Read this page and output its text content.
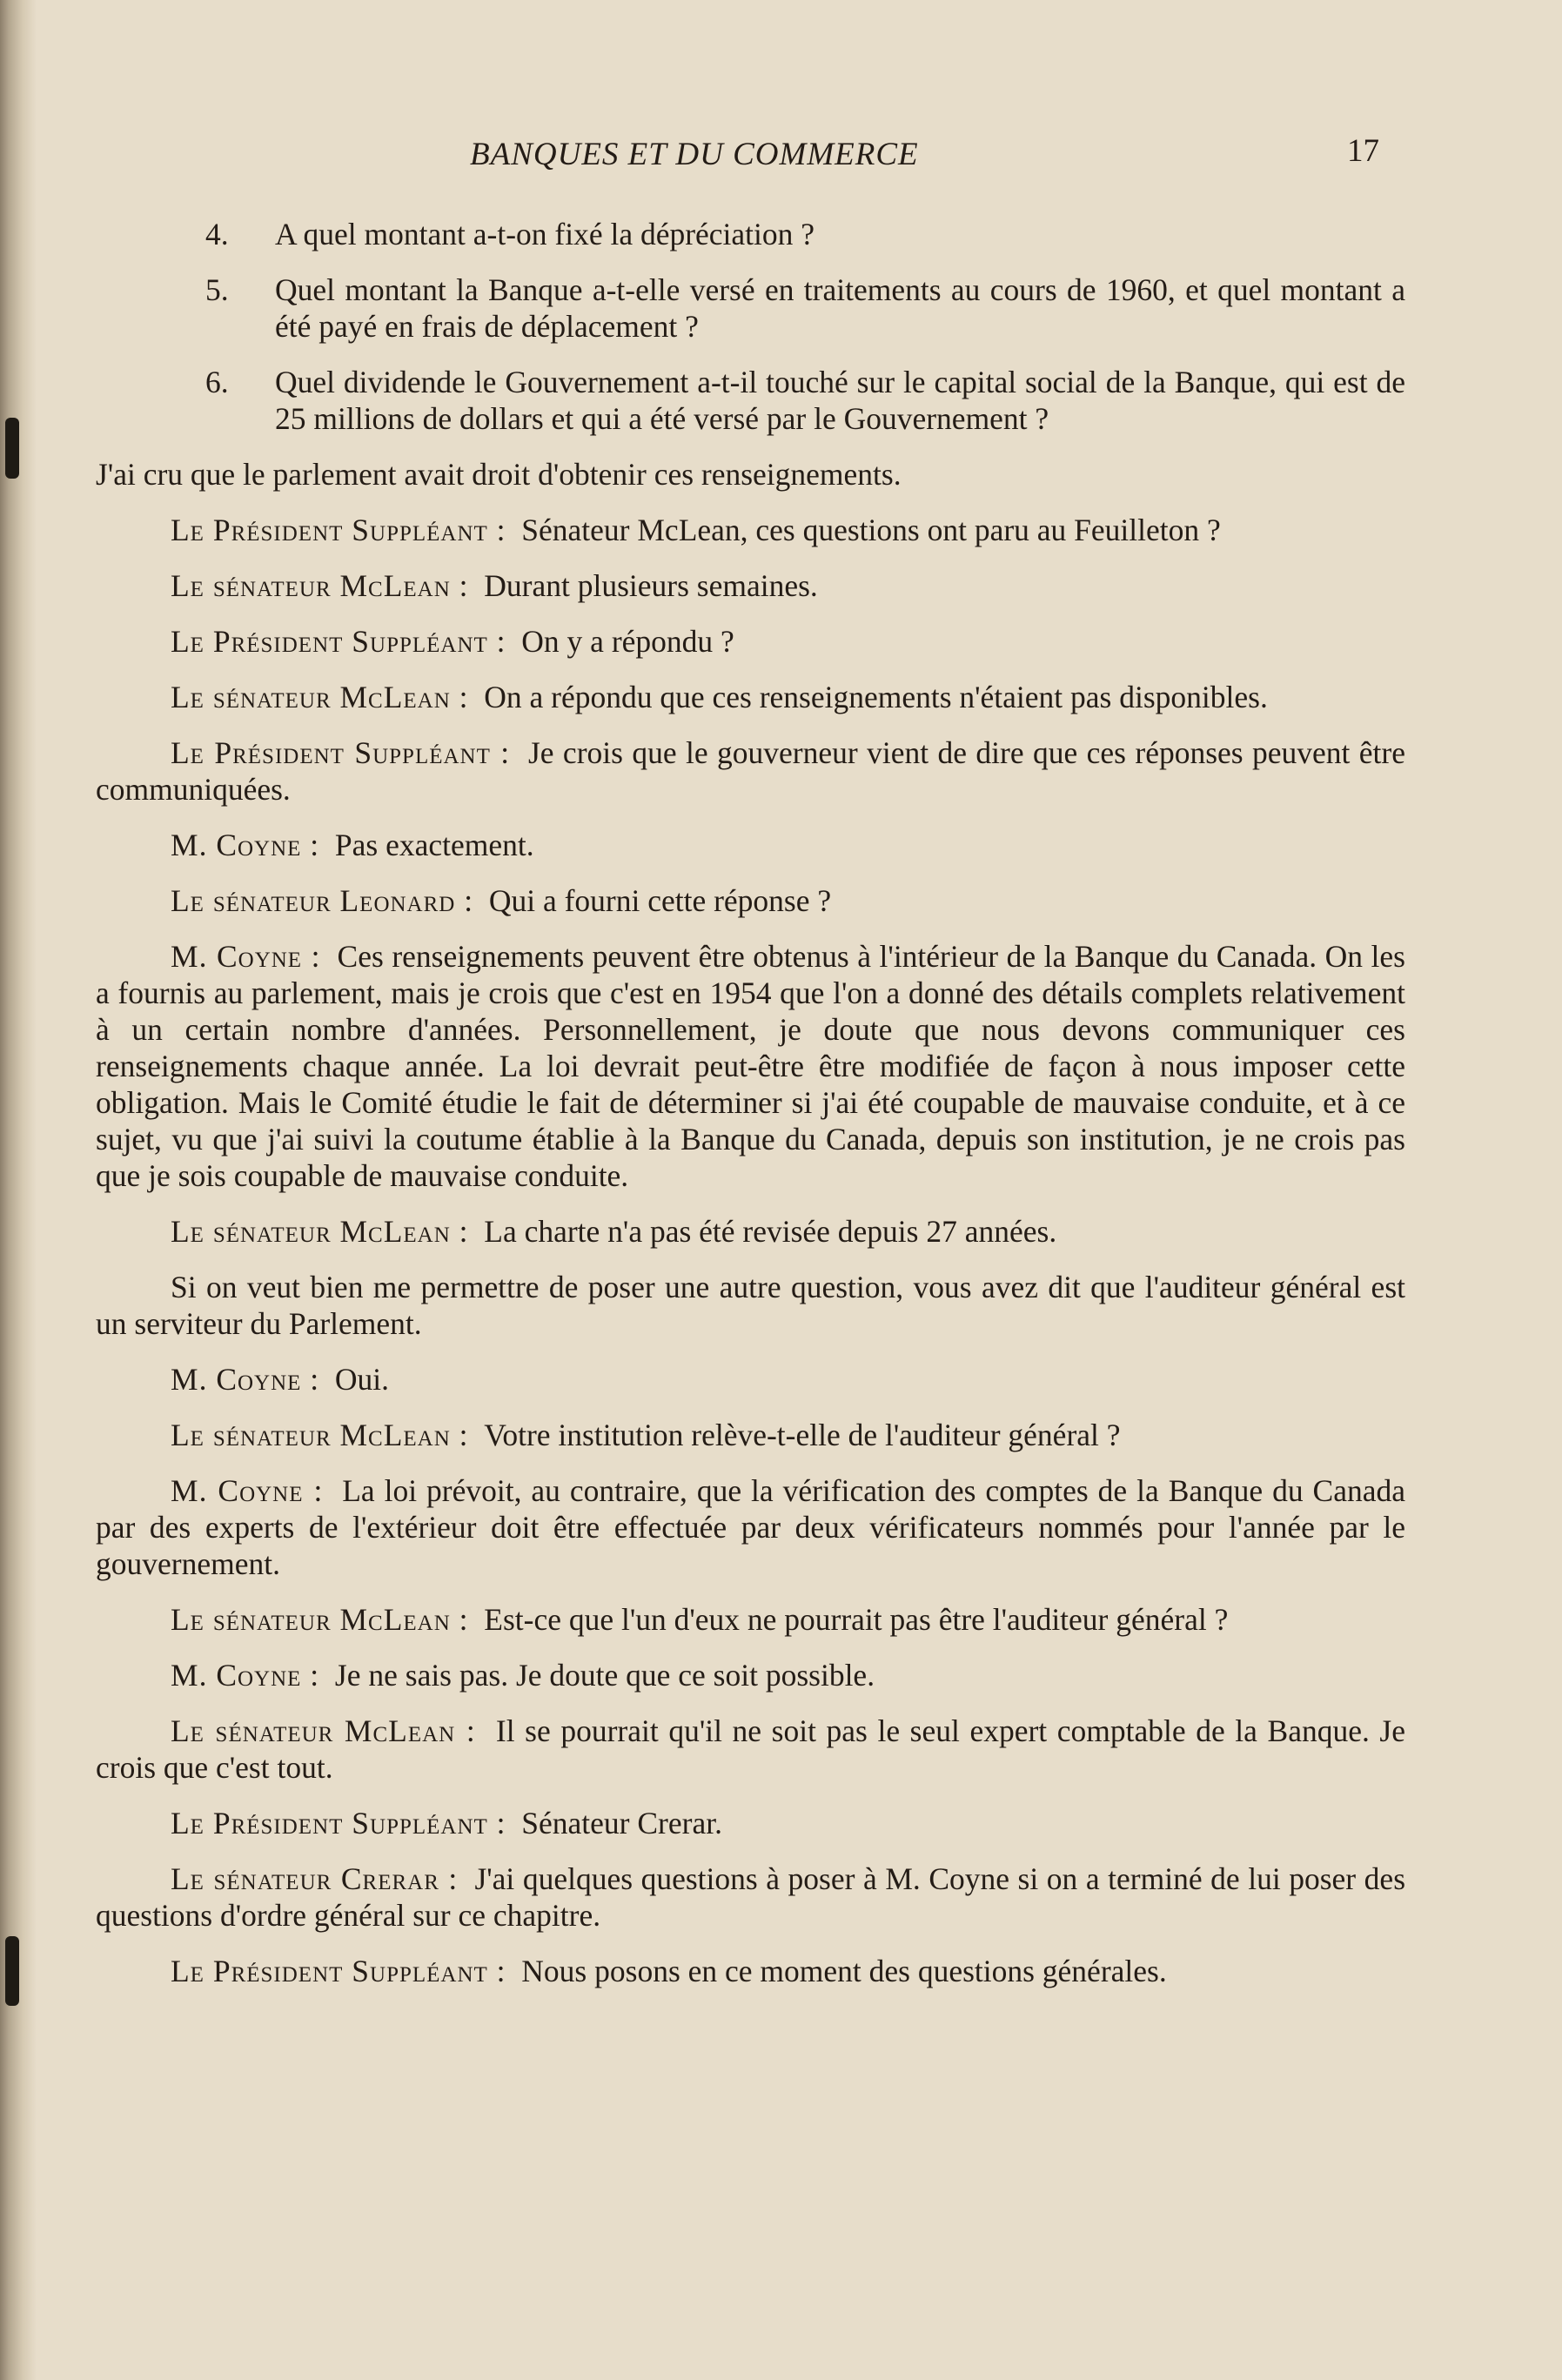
BANQUES ET DU COMMERCE	17
4. A quel montant a-t-on fixé la dépréciation ?
5. Quel montant la Banque a-t-elle versé en traitements au cours de 1960, et quel montant a été payé en frais de déplacement ?
6. Quel dividende le Gouvernement a-t-il touché sur le capital social de la Banque, qui est de 25 millions de dollars et qui a été versé par le Gouvernement ?

J'ai cru que le parlement avait droit d'obtenir ces renseignements.

Le Président Suppléant : Sénateur McLean, ces questions ont paru au Feuilleton ?

Le sénateur McLean : Durant plusieurs semaines.

Le Président Suppléant : On y a répondu ?

Le sénateur McLean : On a répondu que ces renseignements n'étaient pas disponibles.

Le Président Suppléant : Je crois que le gouverneur vient de dire que ces réponses peuvent être communiquées.

M. Coyne : Pas exactement.

Le sénateur Leonard : Qui a fourni cette réponse ?

M. Coyne : Ces renseignements peuvent être obtenus à l'intérieur de la Banque du Canada. On les a fournis au parlement, mais je crois que c'est en 1954 que l'on a donné des détails complets relativement à un certain nombre d'années. Personnellement, je doute que nous devons communiquer ces renseignements chaque année. La loi devrait peut-être être modifiée de façon à nous imposer cette obligation. Mais le Comité étudie le fait de déterminer si j'ai été coupable de mauvaise conduite, et à ce sujet, vu que j'ai suivi la coutume établie à la Banque du Canada, depuis son institution, je ne crois pas que je sois coupable de mauvaise conduite.

Le sénateur McLean : La charte n'a pas été revisée depuis 27 années.

Si on veut bien me permettre de poser une autre question, vous avez dit que l'auditeur général est un serviteur du Parlement.

M. Coyne : Oui.

Le sénateur McLean : Votre institution relève-t-elle de l'auditeur général ?

M. Coyne : La loi prévoit, au contraire, que la vérification des comptes de la Banque du Canada par des experts de l'extérieur doit être effectuée par deux vérificateurs nommés pour l'année par le gouvernement.

Le sénateur McLean : Est-ce que l'un d'eux ne pourrait pas être l'auditeur général ?

M. Coyne : Je ne sais pas. Je doute que ce soit possible.

Le sénateur McLean : Il se pourrait qu'il ne soit pas le seul expert comptable de la Banque. Je crois que c'est tout.

Le Président Suppléant : Sénateur Crerar.

Le sénateur Crerar : J'ai quelques questions à poser à M. Coyne si on a terminé de lui poser des questions d'ordre général sur ce chapitre.

Le Président Suppléant : Nous posons en ce moment des questions générales.
